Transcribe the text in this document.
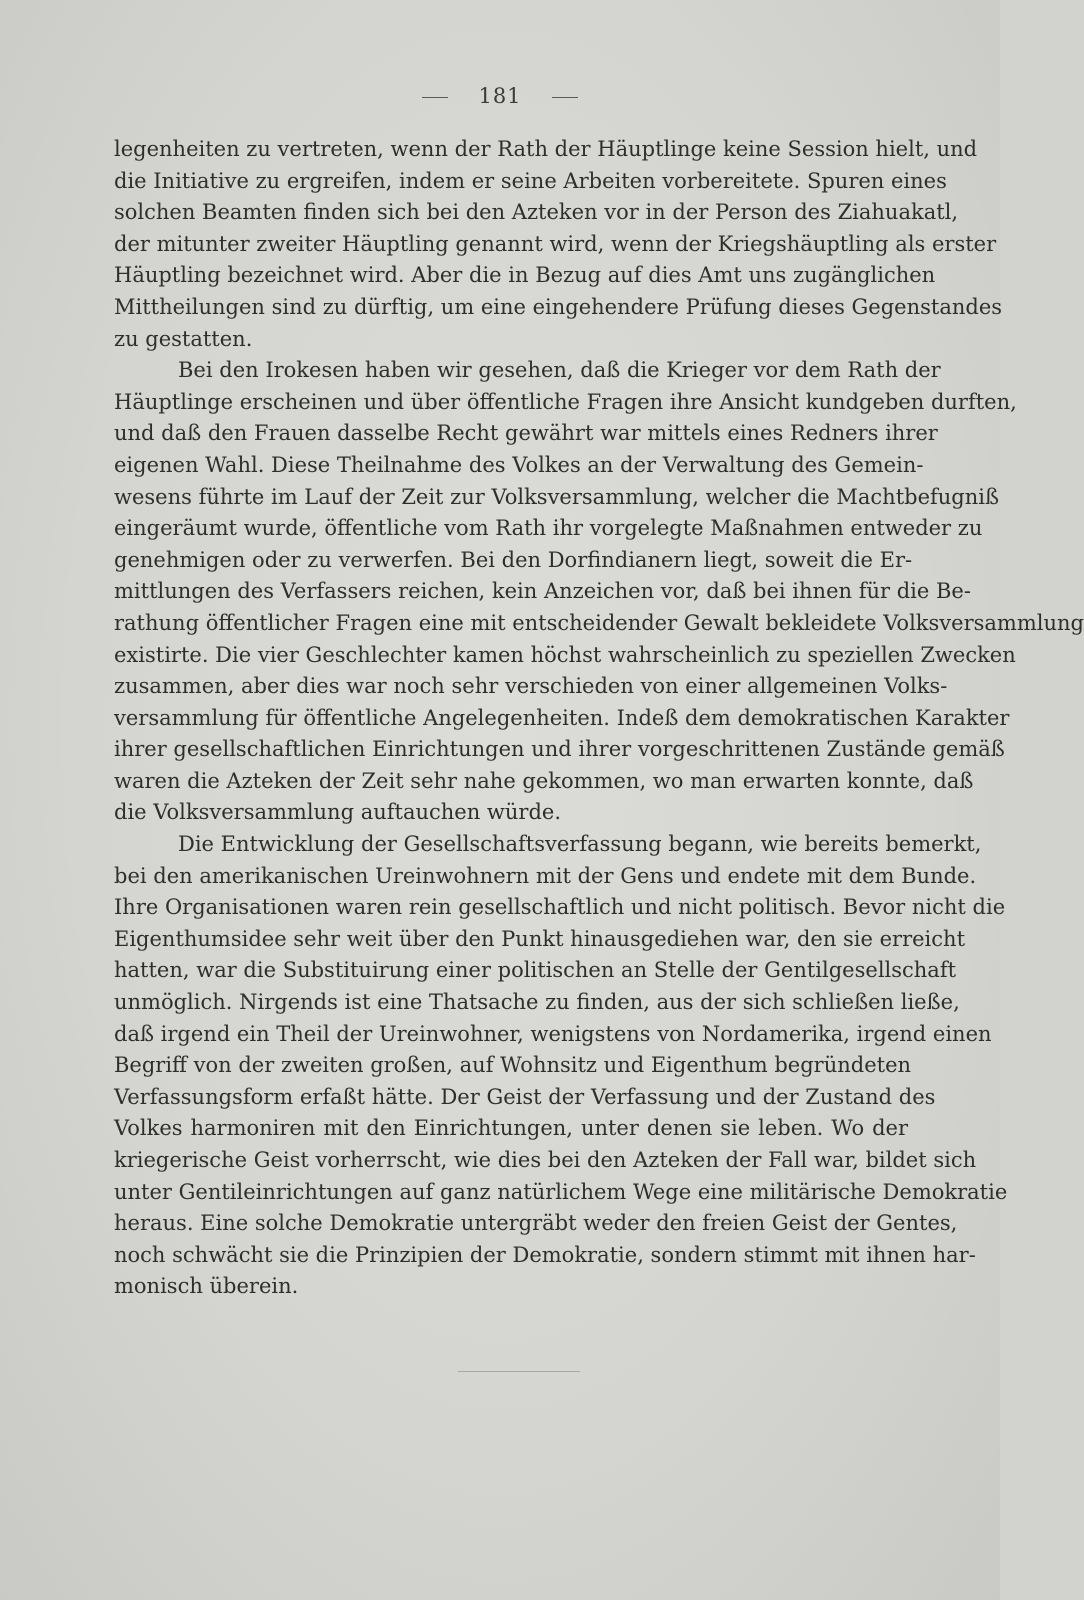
181
legenheiten zu vertreten, wenn der Rath der Häuptlinge keine Session hielt, und
die Initiative zu ergreifen, indem er seine Arbeiten vorbereitete. Spuren eines
solchen Beamten finden sich bei den Azteken vor in der Person des Ziahuakatl,
der mitunter zweiter Häuptling genannt wird, wenn der Kriegshäuptling als erster
Häuptling bezeichnet wird. Aber die in Bezug auf dies Amt uns zugänglichen
Mittheilungen sind zu dürftig, um eine eingehendere Prüfung dieses Gegenstandes
zu gestatten.
Bei den Irokesen haben wir gesehen, daß die Krieger vor dem Rath der
Häuptlinge erscheinen und über öffentliche Fragen ihre Ansicht kundgeben durften,
und daß den Frauen dasselbe Recht gewährt war mittels eines Redners ihrer
eigenen Wahl. Diese Theilnahme des Volkes an der Verwaltung des Gemein-
wesens führte im Lauf der Zeit zur Volksversammlung, welcher die Machtbefugniß
eingeräumt wurde, öffentliche vom Rath ihr vorgelegte Maßnahmen entweder zu
genehmigen oder zu verwerfen. Bei den Dorfindianern liegt, soweit die Er-
mittlungen des Verfassers reichen, kein Anzeichen vor, daß bei ihnen für die Be-
rathung öffentlicher Fragen eine mit entscheidender Gewalt bekleidete Volksversammlung
existirte. Die vier Geschlechter kamen höchst wahrscheinlich zu speziellen Zwecken
zusammen, aber dies war noch sehr verschieden von einer allgemeinen Volks-
versammlung für öffentliche Angelegenheiten. Indeß dem demokratischen Karakter
ihrer gesellschaftlichen Einrichtungen und ihrer vorgeschrittenen Zustände gemäß
waren die Azteken der Zeit sehr nahe gekommen, wo man erwarten konnte, daß
die Volksversammlung auftauchen würde.
Die Entwicklung der Gesellschaftsverfassung begann, wie bereits bemerkt,
bei den amerikanischen Ureinwohnern mit der Gens und endete mit dem Bunde.
Ihre Organisationen waren rein gesellschaftlich und nicht politisch. Bevor nicht die
Eigenthumsidee sehr weit über den Punkt hinausgediehen war, den sie erreicht
hatten, war die Substituirung einer politischen an Stelle der Gentilgesellschaft
unmöglich. Nirgends ist eine Thatsache zu finden, aus der sich schließen ließe,
daß irgend ein Theil der Ureinwohner, wenigstens von Nordamerika, irgend einen
Begriff von der zweiten großen, auf Wohnsitz und Eigenthum begründeten
Verfassungsform erfaßt hätte. Der Geist der Verfassung und der Zustand des
Volkes harmoniren mit den Einrichtungen, unter denen sie leben. Wo der
kriegerische Geist vorherrscht, wie dies bei den Azteken der Fall war, bildet sich
unter Gentileinrichtungen auf ganz natürlichem Wege eine militärische Demokratie
heraus. Eine solche Demokratie untergräbt weder den freien Geist der Gentes,
noch schwächt sie die Prinzipien der Demokratie, sondern stimmt mit ihnen har-
monisch überein.
